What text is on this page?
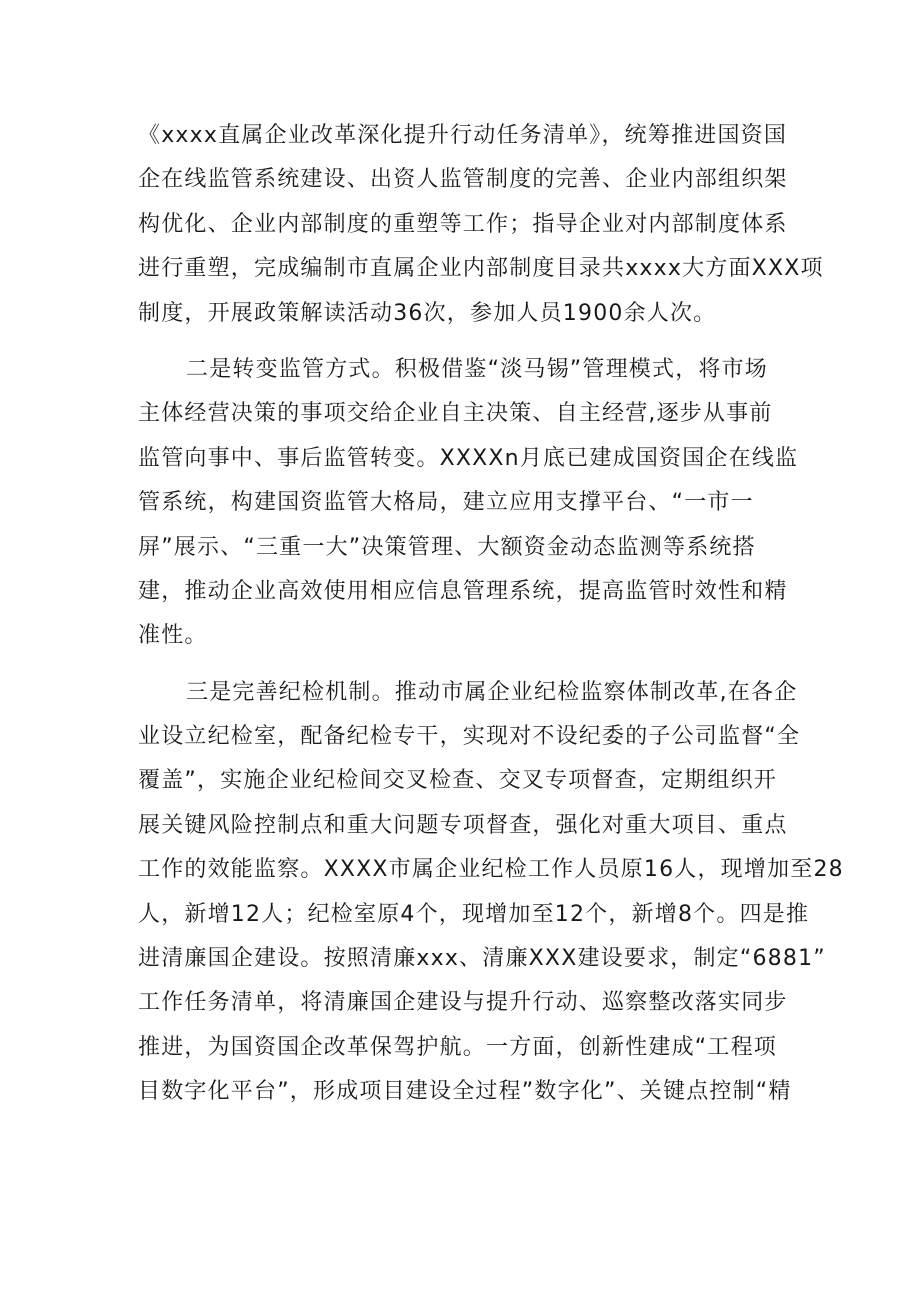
《xxxx直属企业改革深化提升行动任务清单》，统筹推进国资国
企在线监管系统建设、出资人监管制度的完善、企业内部组织架
构优化、企业内部制度的重塑等工作；指导企业对内部制度体系
进行重塑，完成编制市直属企业内部制度目录共xxxx大方面XXX项
制度，开展政策解读活动36次，参加人员1900余人次。
二是转变监管方式。积极借鉴“淡马锡”管理模式，将市场
主体经营决策的事项交给企业自主决策、自主经营,逐步从事前
监管向事中、事后监管转变。XXXXn月底已建成国资国企在线监
管系统，构建国资监管大格局，建立应用支撑平台、“一市一
屏”展示、“三重一大”决策管理、大额资金动态监测等系统搭
建，推动企业高效使用相应信息管理系统，提高监管时效性和精
准性。
三是完善纪检机制。推动市属企业纪检监察体制改革,在各企
业设立纪检室，配备纪检专干，实现对不设纪委的子公司监督“全
覆盖”，实施企业纪检间交叉检查、交叉专项督查，定期组织开
展关键风险控制点和重大问题专项督查，强化对重大项目、重点
工作的效能监察。XXXX市属企业纪检工作人员原16人，现增加至28
人，新增12人；纪检室原4个，现增加至12个，新增8个。四是推
进清廉国企建设。按照清廉xxx、清廉XXX建设要求，制定“6881”
工作任务清单，将清廉国企建设与提升行动、巡察整改落实同步
推进，为国资国企改革保驾护航。一方面，创新性建成“工程项
目数字化平台”，形成项目建设全过程”数字化”、关键点控制“精
